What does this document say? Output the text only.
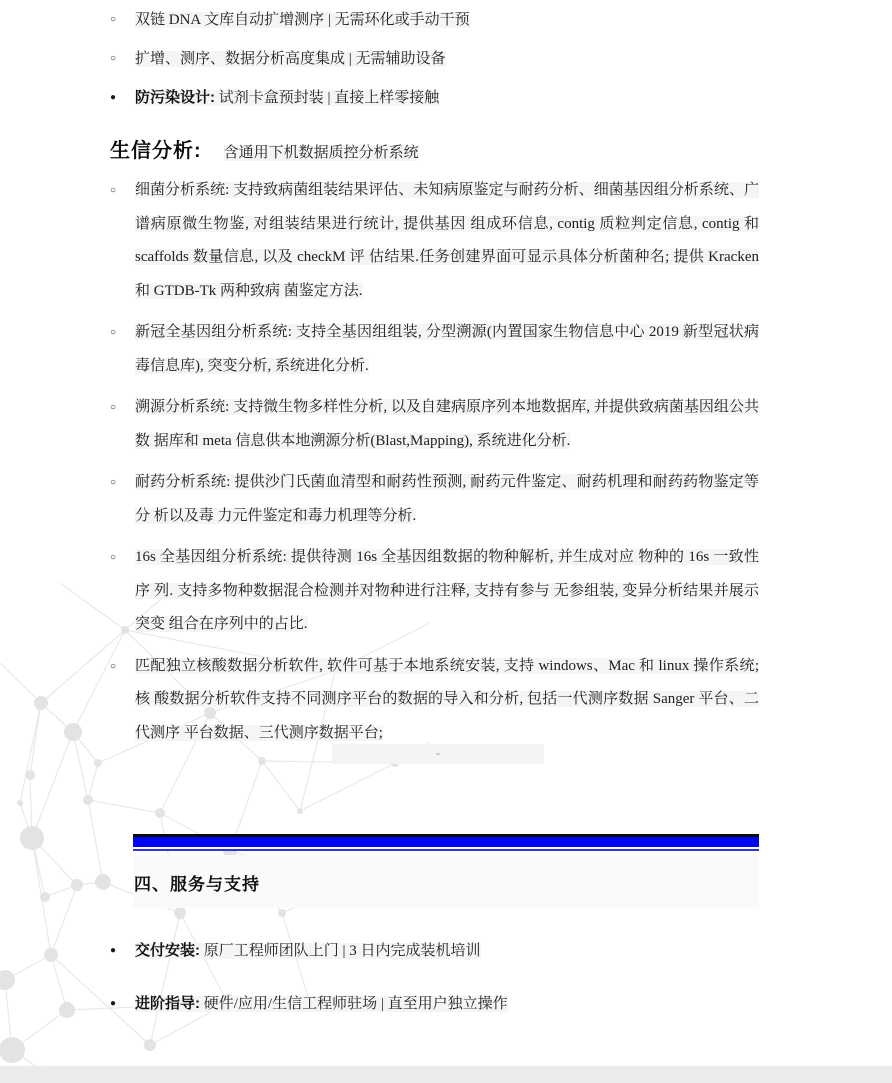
○	双链 DNA 文库自动扩增测序 | 无需环化或手动干预
○	扩增、测序、数据分析高度集成 | 无需辅助设备
●	防污染设计: 试剂卡盒预封装 | 直接上样零接触
生信分析: 含通用下机数据质控分析系统
○	细菌分析系统: 支持致病菌组装结果评估、未知病原鉴定与耐药分析、细菌基因组分析系统、广谱病原微生物鉴, 对组装结果进行统计, 提供基因 组成环信息, contig 质粒判定信息, contig 和 scaffolds 数量信息, 以及 checkM 评 估结果.任务创建界面可显示具体分析菌种名; 提供 Kracken 和 GTDB-Tk 两种致病 菌鉴定方法.
○	新冠全基因组分析系统: 支持全基因组组装, 分型溯源(内置国家生物信息中心 2019 新型冠状病毒信息库), 突变分析, 系统进化分析.
○	溯源分析系统: 支持微生物多样性分析, 以及自建病原序列本地数据库, 并提供致病菌基因组公共数 据库和 meta 信息供本地溯源分析(Blast,Mapping), 系统进化分析.
○	耐药分析系统: 提供沙门氏菌血清型和耐药性预测, 耐药元件鉴定、耐药机理和耐药药物鉴定等分 析以及毒 力元件鉴定和毒力机理等分析.
○	16s 全基因组分析系统: 提供待测 16s 全基因组数据的物种解析, 并生成对应 物种的 16s 一致性序 列. 支持多物种数据混合检测并对物种进行注释, 支持有参与 无参组装, 变异分析结果并展示突变 组合在序列中的占比.
○	匹配独立核酸数据分析软件, 软件可基于本地系统安装, 支持 windows、Mac 和 linux 操作系统; 核 酸数据分析软件支持不同测序平台的数据的导入和分析, 包括一代测序数据 Sanger 平台、二代测序 平台数据、三代测序数据平台;
‐
四、服务与支持
●	交付安装: 原厂工程师团队上门 | 3 日内完成装机培训
●	进阶指导: 硬件/应用/生信工程师驻场 | 直至用户独立操作
